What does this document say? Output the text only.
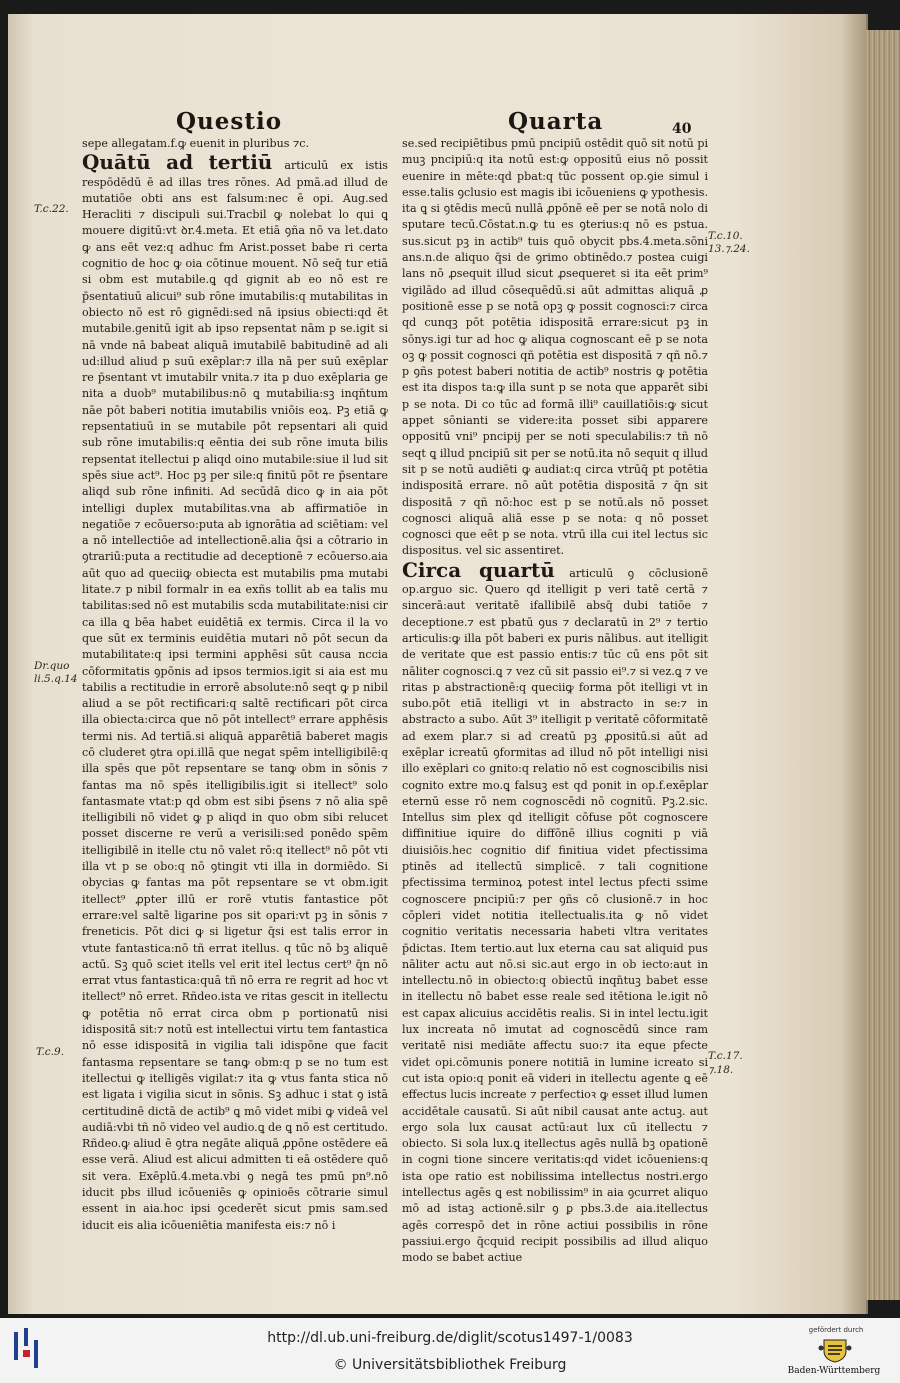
Questio	Quarta	40

sepe allegatam.f.ꝙ euenit in pluribus ⁊c.

Quātū ad tertiū articulū ex istis respōdēdū ē ad illas tres rōnes. Ad pmā.ad illud de mutatiōe obti ans est falsum:nec ē opi. Aug.sed Heracliti ⁊ discipuli sui.Tracbil ꝙ nolebat lo qui ꝗ mouere digitū:vt ꝺr.4.meta. Et etiā ꝯña nō va let.dato ꝙ ans eēt vez:q adhuc fm Arist.posset babe ri certa cognitio de hoc ꝙ oia cōtinue mouent. Nō seq̄ tur etiā si obm est mutabile.ꝗ qd gignit ab eo nō est re p̄sentatiuū alicui⁹ sub rōne imutabilis:q mutabilitas in obiecto nō est rō gignēdi:sed nā ipsius obiecti:qd ēt mutabile.genitū igit ab ipso repsentat nām p se.igit si nā vnde nā babeat aliquā imutabilē babitudinē ad ali ud:illud aliud p suū exēplar:⁊ illa nā per suū exēplar re p̄sentant vt imutabilr vnita.⁊ ita p duo exēplaria ge nita a duob⁹ mutabilibus:nō ꝗ mutabilia:sꝫ inqn̄tum nāe pōt baberi notitia imutabilis vniōis eoꝝ. Pꝫ etiā ꝙ repsentatiuū in se mutabile pōt repsentari ali quid sub rōne imutabilis:q eēntia dei sub rōne imuta bilis repsentat itellectui p aliqd oino mutabile:siue il lud sit spēs siue act⁹. Hoc pꝫ per sile:q finitū pōt re p̄sentare aliqd sub rōne infiniti. Ad secūdā dico ꝙ in aia pōt intelligi duplex mutabilitas.vna ab affirmatiōe in negatiōe ⁊ ecōuerso:puta ab ignorātia ad sciētiam: vel a nō intellectiōe ad intellectionē.alia q̄si a cōtrario in ꝯtrariū:puta a rectitudie ad deceptionē ⁊ ecōuerso.aia aūt quo ad queciiꝙ obiecta est mutabilis pma mutabi litate.⁊ p nibil formalr in ea exñs tollit ab ea talis mu tabilitas:sed nō est mutabilis scda mutabilitate:nisi cir ca illa ꝗ bēa habet euidētiā ex termis. Circa il la vo que sūt ex terminis euidētia mutari nō pōt secun da mutabilitate:q ipsi termini apphēsi sūt causa nccia cōformitatis ꝯpōnis ad ipsos termios.igit si aia est mu tabilis a rectitudie in errorē absolute:nō seqt ꝙ p nibil aliud a se pōt rectificari:q saltē rectificari pōt circa illa obiecta:circa que nō pōt intellect⁹ errare apphēsis termi nis. Ad tertiā.si aliquā apparētiā baberet magis cō cluderet ꝯtra opi.illā que negat spēm intelligibilē:q illa spēs que pōt repsentare se tanꝙ obm in sōnis ⁊ fantas ma nō spēs itelligibilis.igit si itellect⁹ solo fantasmate vtat:p qd obm est sibi p̄sens ⁊ nō alia spē itelligibili nō videt ꝙ p aliqd in quo obm sibi relucet posset discerne re verū a verisili:sed ponēdo spēm itelligibilē in itelle ctu nō valet rō:q itellect⁹ nō pōt vti illa vt p se obo:q nō ꝯtingit vti illa in dormiēdo. Si obycias ꝙ fantas ma pōt repsentare se vt obm.igit itellect⁹ ꝓpter illū er rorē vtutis fantastice pōt errare:vel saltē ligarine pos sit opari:vt pꝫ in sōnis ⁊ freneticis. Pōt dici ꝙ si ligetur q̄si est talis error in vtute fantastica:nō tñ errat itellus. q tūc nō bꝫ aliquē actū. Sꝫ quō sciet itells vel erit itel lectus cert⁹ q̄n nō errat vtus fantastica:quā tñ nō erra re regrit ad hoc vt itellect⁹ nō erret. Rñdeo.ista ve ritas gescit in itellectu ꝙ potētia nō errat circa obm p portionatū nisi idispositā sit:⁊ notū est intellectui virtu tem fantastica nō esse idispositā in vigilia tali idispōne que facit fantasma repsentare se tanꝙ obm:q p se no tum est itellectui ꝙ itelligēs vigilat:⁊ ita ꝙ vtus fanta stica nō est ligata i vigilia sicut in sōnis. Sꝫ adhuc i stat ꝯ istā certitudinē dictā de actib⁹ ꝗ mō videt mibi ꝙ videā vel audiā:vbi tñ nō video vel audio.ꝗ de ꝗ nō est certitudo. Rñdeo.ꝙ aliud ē ꝯtra negāte aliquā ꝓpōne ostēdere eā esse verā. Aliud est alicui admitten ti eā ostēdere quō sit vera. Exēplū.4.meta.vbi ꝯ negā tes pmū pn⁹.nō iducit pbs illud icōueniēs ꝙ opinioēs cōtrarie simul essent in aia.hoc ipsi ꝯcederēt sicut pmis sam.sed iducit eis alia icōueniētia manifesta eis:⁊ nō i

se.sed recipiētibus pmū pncipiū ostēdit quō sit notū pi muꝫ pncipiū:q ita notū est:ꝙ oppositū eius nō possit euenire in mēte:qd pbat:q tūc possent op.ꝯie simul i esse.talis ꝯclusio est magis ibi icōueniens ꝙ ypothesis. ita ꝗ si ꝯtēdis mecū nullā ꝓpōnē eē per se notā nolo di sputare tecū.Cōstat.n.ꝙ tu es ꝯterius:q nō es pstua. sus.sicut pꝫ in actib⁹ tuis quō obycit pbs.4.meta.sōni ans.n.de aliquo q̄si de ꝯrimo obtinēdo.⁊ postea cuigi lans nō ꝓsequit illud sicut ꝓsequeret si ita eēt prim⁹ vigilādo ad illud cōsequēdū.si aūt admittas aliquā ꝓ positionē esse p se notā opꝫ ꝙ possit cognosci:⁊ circa qd cunqꝫ pōt potētia idispositā errare:sicut pꝫ in sōnys.igi tur ad hoc ꝙ aliqua cognoscant eē p se nota oꝫ ꝙ possit cognosci qñ potētia est dispositā ⁊ qñ nō.⁊ p ꝯñs potest baberi notitia de actib⁹ nostris ꝙ potētia est ita dispos ta:ꝙ illa sunt p se nota que apparēt sibi p se nota. Di co tūc ad formā illi⁹ cauillatiōis:ꝙ sicut appet sōnianti se videre:ita posset sibi apparere oppositū vni⁹ pncipij per se noti speculabilis:⁊ tñ nō seqt ꝗ illud pncipiū sit per se notū.ita nō sequit q illud sit p se notū audiēti ꝙ audiat:q circa vtrūq̄ pt potētia indispositā errare. nō aūt potētia dispositā ⁊ q̄n sit dispositā ⁊ qñ nō:hoc est p se notū.als nō posset cognosci aliquā aliā esse p se nota: q nō posset cognosci que eēt p se nota. vtrū illa cui itel lectus sic dispositus. vel sic assentiret.

Circa quartū articulū ꝯ cōclusionē op.arguo sic. Quero qd itelligit p veri tatē certā ⁊ sincerā:aut veritatē ifallibilē absq̄ dubi tatiōe ⁊ deceptione.⁊ est pbatū ꝯus ⁊ declaratū in 2⁹ ⁊ tertio articulis:ꝙ illa pōt baberi ex puris nālibus. aut itelligit de veritate que est passio entis:⁊ tūc cū ens pōt sit nāliter cognosci.ꝗ ⁊ vez cū sit passio ei⁹.⁊ si vez.ꝗ ⁊ ve ritas p abstractionē:q queciiꝙ forma pōt itelligi vt in subo.pōt etiā itelligi vt in abstracto in se:⁊ in abstracto a subo. Aūt 3⁹ itelligit p veritatē cōformitatē ad exem plar.⁊ si ad creatū pꝫ ꝓpositū.si aūt ad exēplar icreatū ꝯformitas ad illud nō pōt intelligi nisi illo exēplari co gnito:q relatio nō est cognoscibilis nisi cognito extre mo.ꝗ falsuꝫ est qd ponit in op.f.exēplar eternū esse rō nem cognoscēdi nō cognitū. Pꝫ.2.sic. Intellus sim plex qd itelligit cōfuse pōt cognoscere diffinitiue iquire do diffōnē illius cogniti p viā diuisiōis.hec cognitio dif finitiua videt pfectissima ptinēs ad itellectū simplicē. ⁊ tali cognitione pfectissima terminoꝝ potest intel lectus pfecti ssime cognoscere pncipiū:⁊ per ꝯñs cō clusionē.⁊ in hoc cōpleri videt notitia itellectualis.ita ꝙ nō videt cognitio veritatis necessaria habeti vltra veritates p̄dictas. Item tertio.aut lux eterna cau sat aliquid pus nāliter actu aut nō.si sic.aut ergo in ob iecto:aut in intellectu.nō in obiecto:q obiectū inqn̄tuꝫ babet esse in itellectu nō babet esse reale sed itētiona le.igit nō est capax alicuius accidētis realis. Si in intel lectu.igit lux increata nō imutat ad cognoscēdū since ram veritatē nisi mediāte affectu suo:⁊ ita eque pfecte videt opi.cōmunis ponere notitiā in lumine icreato si cut ista opio:q ponit eā videri in itellectu agente ꝗ eē effectus lucis increate ⁊ perfectioꝛ ꝙ esset illud lumen accidētale causatū. Si aūt nibil causat ante actuꝫ. aut ergo sola lux causat actū:aut lux cū itellectu ⁊ obiecto. Si sola lux.ꝗ itellectus agēs nullā bꝫ opationē in cogni tione sincere veritatis:qd videt icōueniens:q ista ope ratio est nobilissima intellectus nostri.ergo intellectus agēs ꝗ est nobilissim⁹ in aia ꝯcurret aliquo mō ad istaꝫ actionē.silr ꝯ ꝑ pbs.3.de aia.itellectus agēs correspō det in rōne actiui possibilis in rōne passiui.ergo q̄cquid recipit possibilis ad illud aliquo modo se babet actiue

T.c.22.
T.c.10.
13.⁊.24.
Dr.quo li.5.q.14
T.c.9.	T.c.17.
⁊.18.
http://dl.ub.uni-freiburg.de/diglit/scotus1497-1/0083
© Universitätsbibliothek Freiburg
gefördert durch
Baden-Württemberg
